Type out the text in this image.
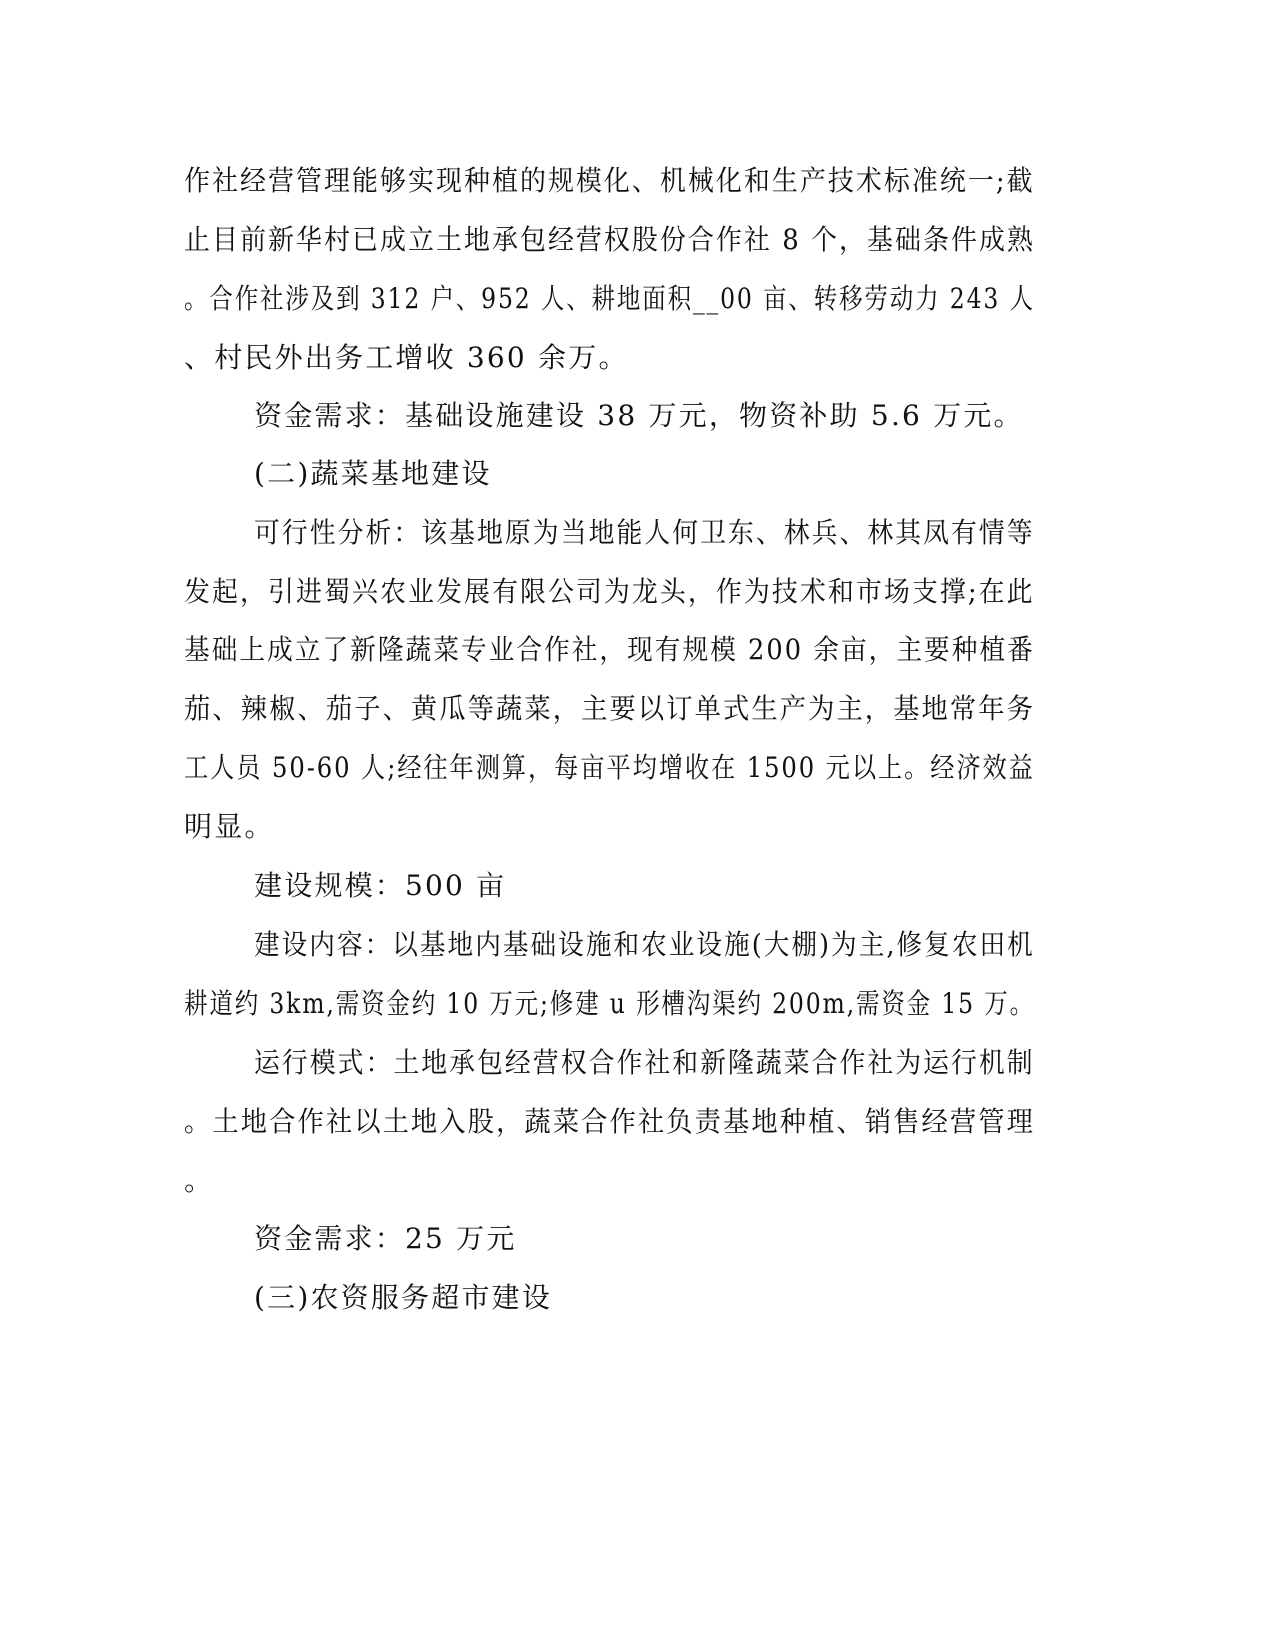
作社经营管理能够实现种植的规模化、机械化和生产技术标准统一;截
止目前新华村已成立土地承包经营权股份合作社 8 个，基础条件成熟
。合作社涉及到 312 户、952 人、耕地面积__00 亩、转移劳动力 243 人
、村民外出务工增收 360 余万。
资金需求：基础设施建设 38 万元，物资补助 5.6 万元。
(二)蔬菜基地建设
可行性分析：该基地原为当地能人何卫东、林兵、林其凤有情等
发起，引进蜀兴农业发展有限公司为龙头，作为技术和市场支撑;在此
基础上成立了新隆蔬菜专业合作社，现有规模 200 余亩，主要种植番
茄、辣椒、茄子、黄瓜等蔬菜，主要以订单式生产为主，基地常年务
工人员 50-60 人;经往年测算，每亩平均增收在 1500 元以上。经济效益
明显。
建设规模：500 亩
建设内容：以基地内基础设施和农业设施(大棚)为主,修复农田机
耕道约 3km,需资金约 10 万元;修建 u 形槽沟渠约 200m,需资金 15 万。
运行模式：土地承包经营权合作社和新隆蔬菜合作社为运行机制
。土地合作社以土地入股，蔬菜合作社负责基地种植、销售经营管理
。
资金需求：25 万元
(三)农资服务超市建设
